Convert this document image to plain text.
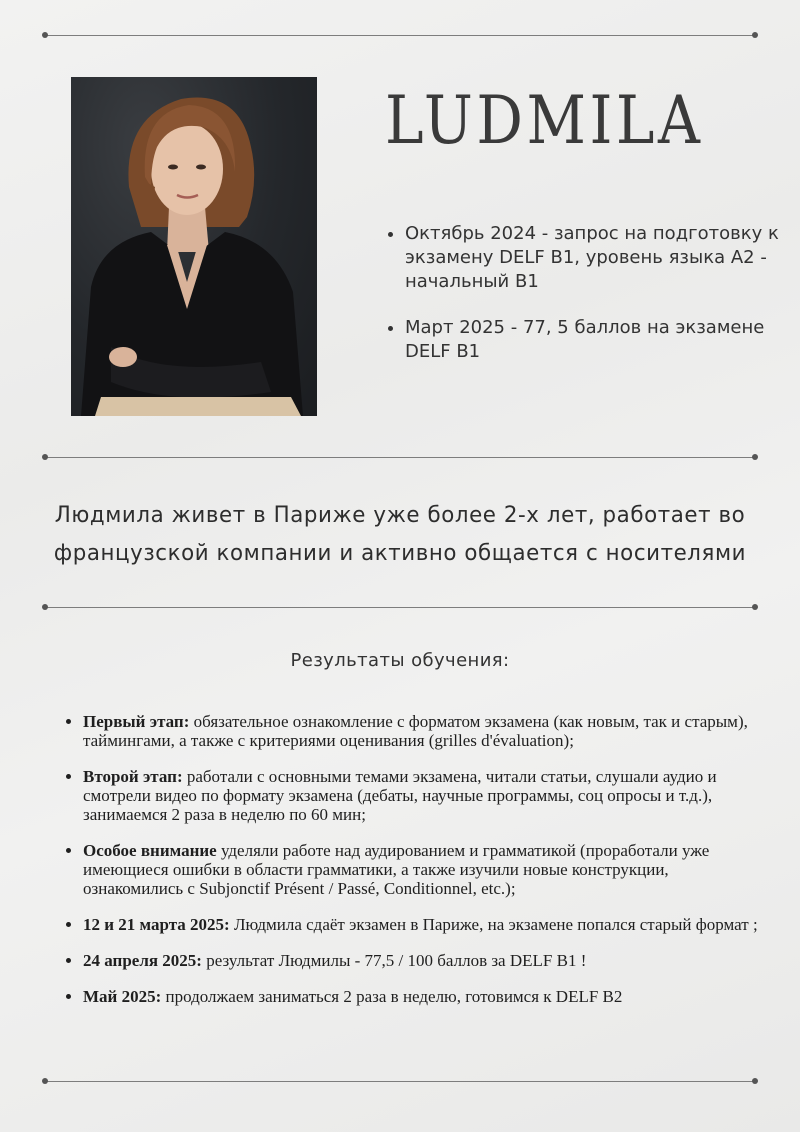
LUDMILA
• Октябрь 2024 - запрос на подготовку к экзамену DELF B1, уровень языка A2 - начальный B1
• Март 2025 - 77, 5 баллов на экзамене DELF B1

Людмила живет в Париже уже более 2-х лет, работает во французской компании и активно общается с носителями

Результаты обучения:
• Первый этап: обязательное ознакомление с форматом экзамена (как новым, так и старым), таймингами, а также с критериями оценивания (grilles d'évaluation);
• Второй этап: работали с основными темами экзамена, читали статьи, слушали аудио и смотрели видео по формату экзамена (дебаты, научные программы, соц опросы и т.д.), занимаемся 2 раза в неделю по 60 мин;
• Особое внимание уделяли работе над аудированием и грамматикой (проработали уже имеющиеся ошибки в области грамматики, а также изучили новые конструкции, ознакомились с Subjonctif Présent / Passé, Conditionnel, etc.);
• 12 и 21 марта 2025: Людмила сдаёт экзамен в Париже, на экзамене попался старый формат ;
• 24 апреля 2025: результат Людмилы - 77,5 / 100 баллов за DELF B1 !
• Май 2025: продолжаем заниматься 2 раза в неделю, готовимся к DELF B2
